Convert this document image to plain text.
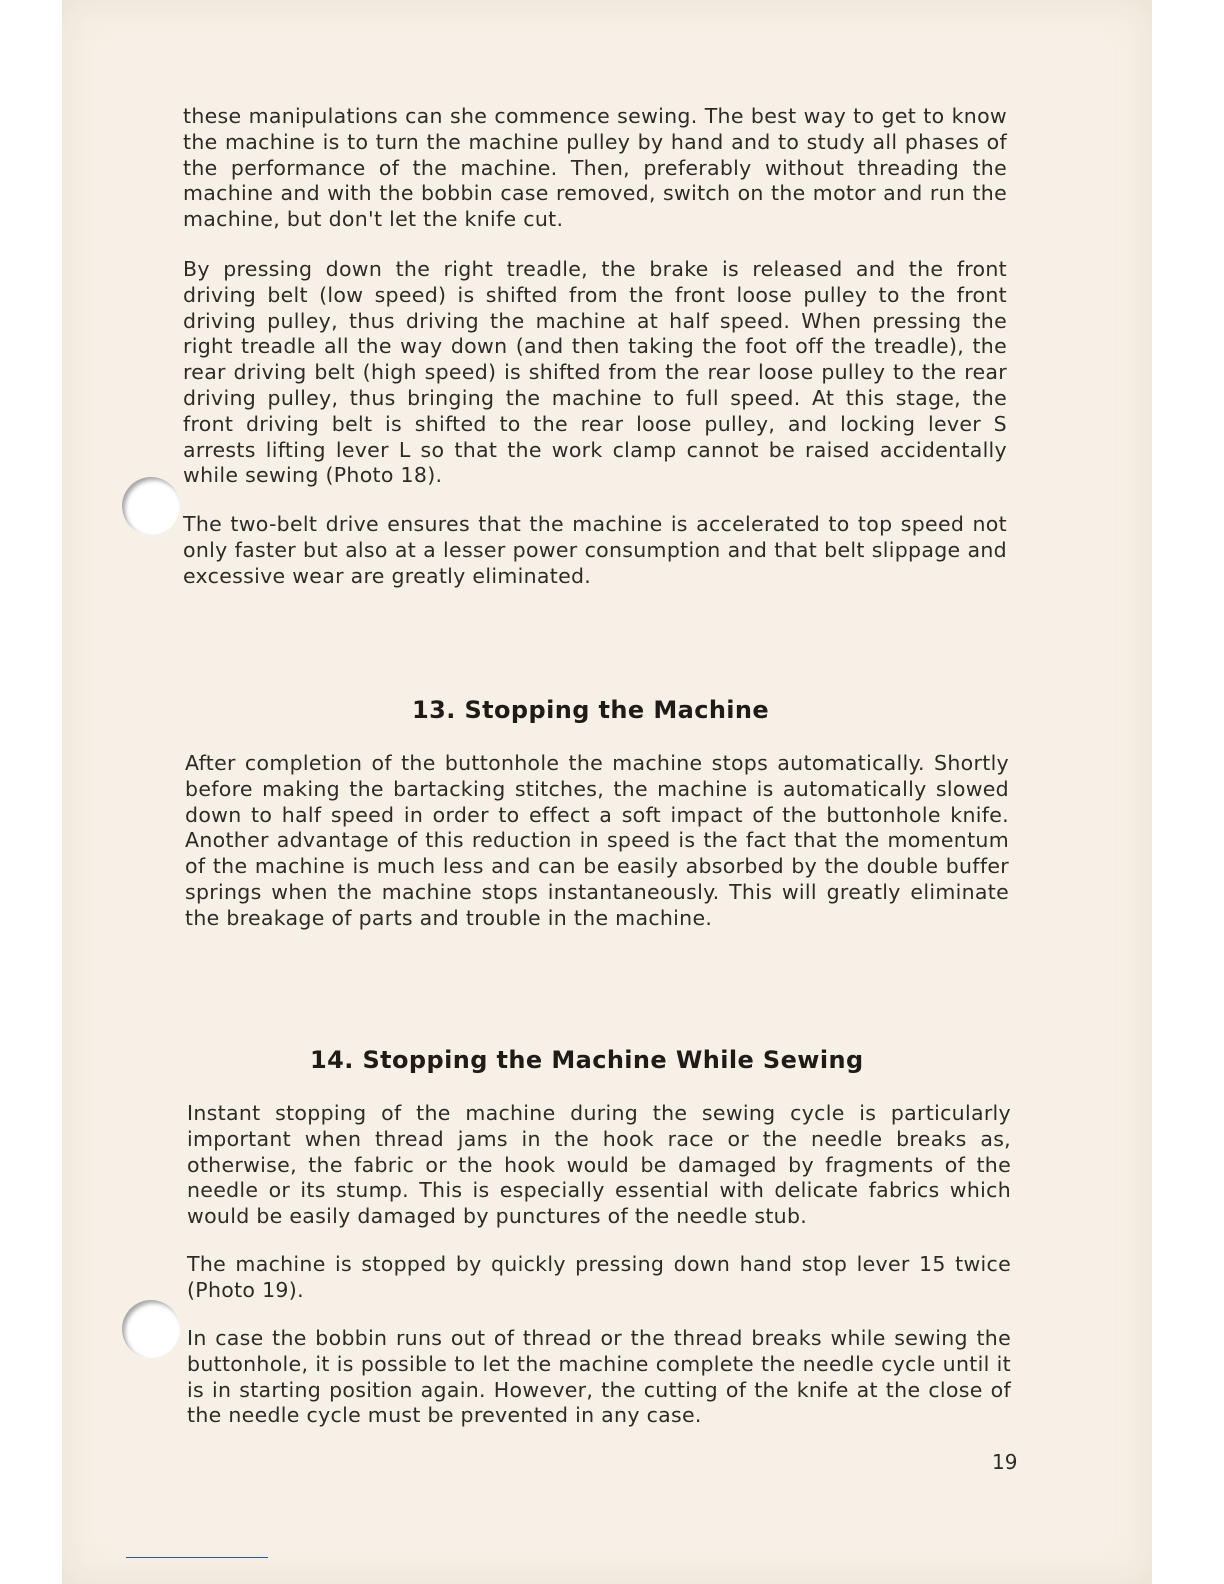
these manipulations can she commence sewing. The best way to get to know the machine is to turn the machine pulley by hand and to study all phases of the performance of the machine. Then, preferably without threading the machine and with the bobbin case removed, switch on the motor and run the machine, but don't let the knife cut.

By pressing down the right treadle, the brake is released and the front driving belt (low speed) is shifted from the front loose pulley to the front driving pulley, thus driving the machine at half speed. When pressing the right treadle all the way down (and then taking the foot off the treadle), the rear driving belt (high speed) is shifted from the rear loose pulley to the rear driving pulley, thus bringing the machine to full speed. At this stage, the front driving belt is shifted to the rear loose pulley, and locking lever S arrests lifting lever L so that the work clamp cannot be raised accidentally while sewing (Photo 18).

The two-belt drive ensures that the machine is accelerated to top speed not only faster but also at a lesser power consumption and that belt slippage and excessive wear are greatly eliminated.

13. Stopping the Machine

After completion of the buttonhole the machine stops automatically. Shortly before making the bartacking stitches, the machine is automatically slowed down to half speed in order to effect a soft impact of the buttonhole knife. Another advantage of this reduction in speed is the fact that the momentum of the machine is much less and can be easily absorbed by the double buffer springs when the machine stops instantaneously. This will greatly eliminate the breakage of parts and trouble in the machine.

14. Stopping the Machine While Sewing

Instant stopping of the machine during the sewing cycle is particularly important when thread jams in the hook race or the needle breaks as, otherwise, the fabric or the hook would be damaged by fragments of the needle or its stump. This is especially essential with delicate fabrics which would be easily damaged by punctures of the needle stub.

The machine is stopped by quickly pressing down hand stop lever 15 twice (Photo 19).

In case the bobbin runs out of thread or the thread breaks while sewing the buttonhole, it is possible to let the machine complete the needle cycle until it is in starting position again. However, the cutting of the knife at the close of the needle cycle must be prevented in any case.

19
